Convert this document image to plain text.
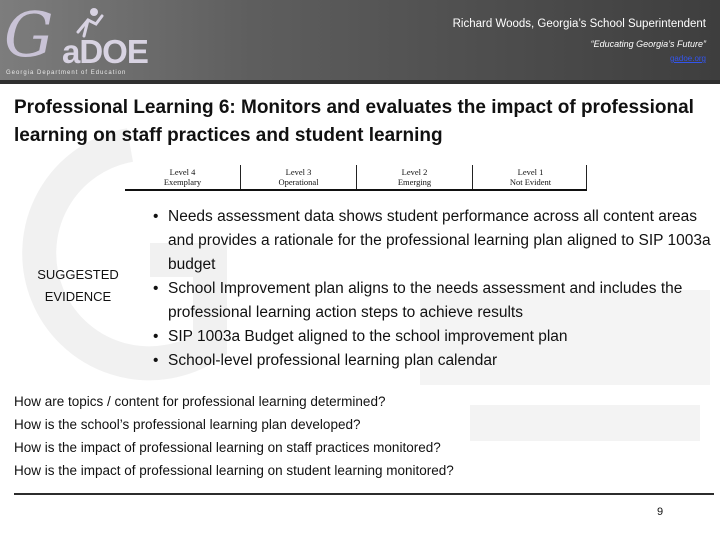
G aDOE
Georgia Department of Education
Richard Woods, Georgia’s School Superintendent
“Educating Georgia’s Future”
gadoe.org
Professional Learning 6: Monitors and evaluates the impact of professional learning on staff practices and student learning
Level 4
Exemplary
Level 3
Operational
Level 2
Emerging
Level 1
Not Evident
SUGGESTED
EVIDENCE
• Needs assessment data shows student performance across all content areas and provides a rationale for the professional learning plan aligned to SIP 1003a budget
• School Improvement plan aligns to the needs assessment and includes the professional learning action steps to achieve results
• SIP 1003a Budget aligned to the school improvement plan
• School-level professional learning plan calendar
How are topics / content for professional learning determined?
How is the school’s professional learning plan developed?
How is the impact of professional learning on staff practices monitored?
How is the impact of professional learning on student learning monitored?
9
